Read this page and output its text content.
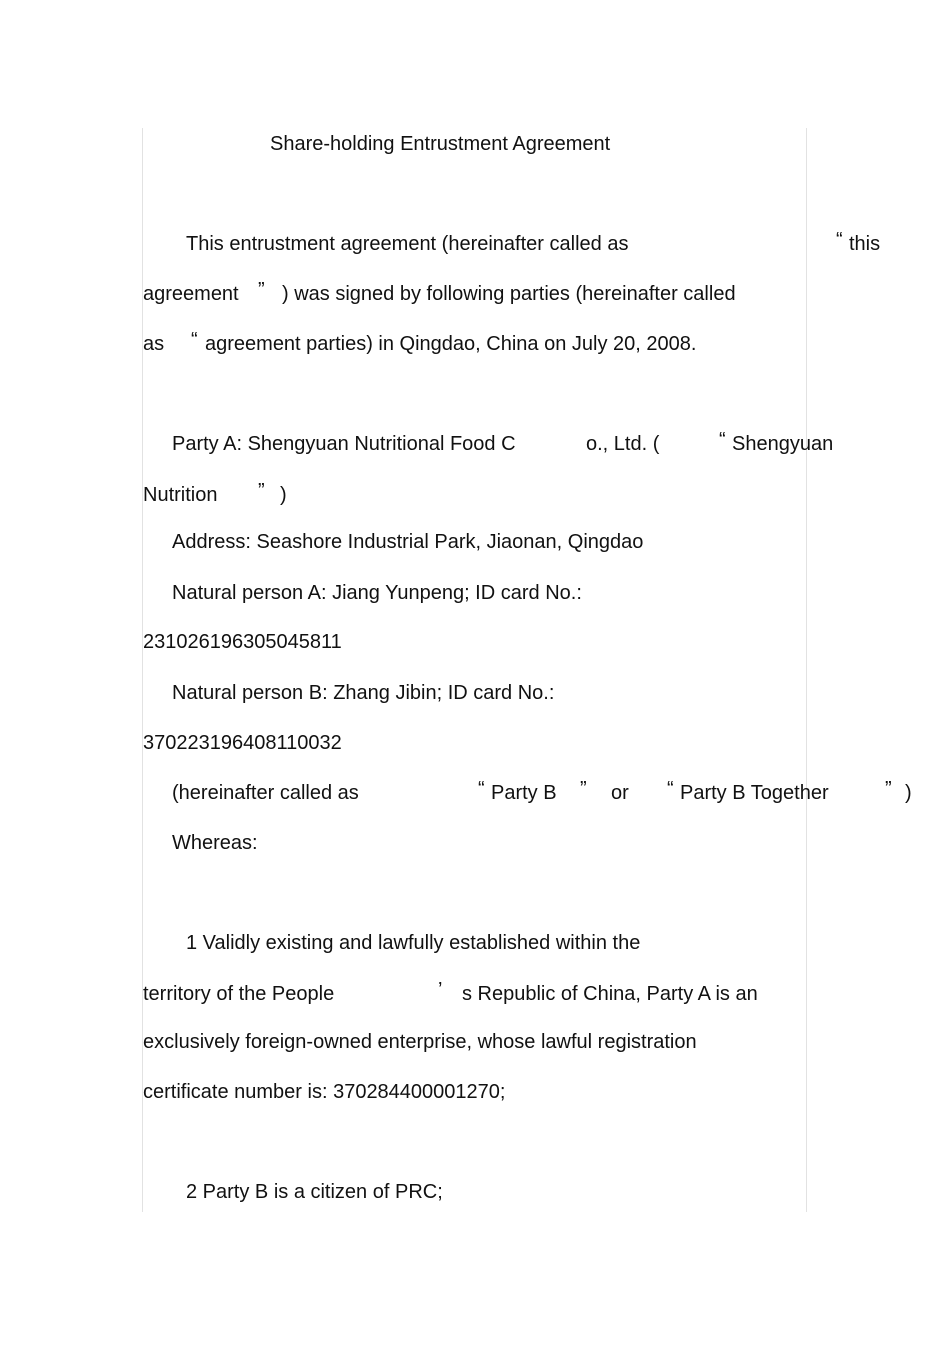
Share-holding Entrustment Agreement
This entrustment agreement (hereinafter called as	“ this
agreement ” ) was signed by following parties (hereinafter called
as “ agreement parties) in Qingdao, China on July 20, 2008.
Party A: Shengyuan Nutritional Food C	o., Ltd. (	“ Shengyuan
Nutrition ” )
Address: Seashore Industrial Park, Jiaonan, Qingdao
Natural person A: Jiang Yunpeng; ID card No.:
231026196305045811
Natural person B: Zhang Jibin; ID card No.:
370223196408110032
(hereinafter called as	“ Party B ” or “ Party B Together	” )
Whereas:
1 Validly existing and lawfully established within the
territory of the People	’ s Republic of China, Party A is an
exclusively foreign-owned enterprise, whose lawful registration
certificate number is: 370284400001270;
2 Party B is a citizen of PRC;
